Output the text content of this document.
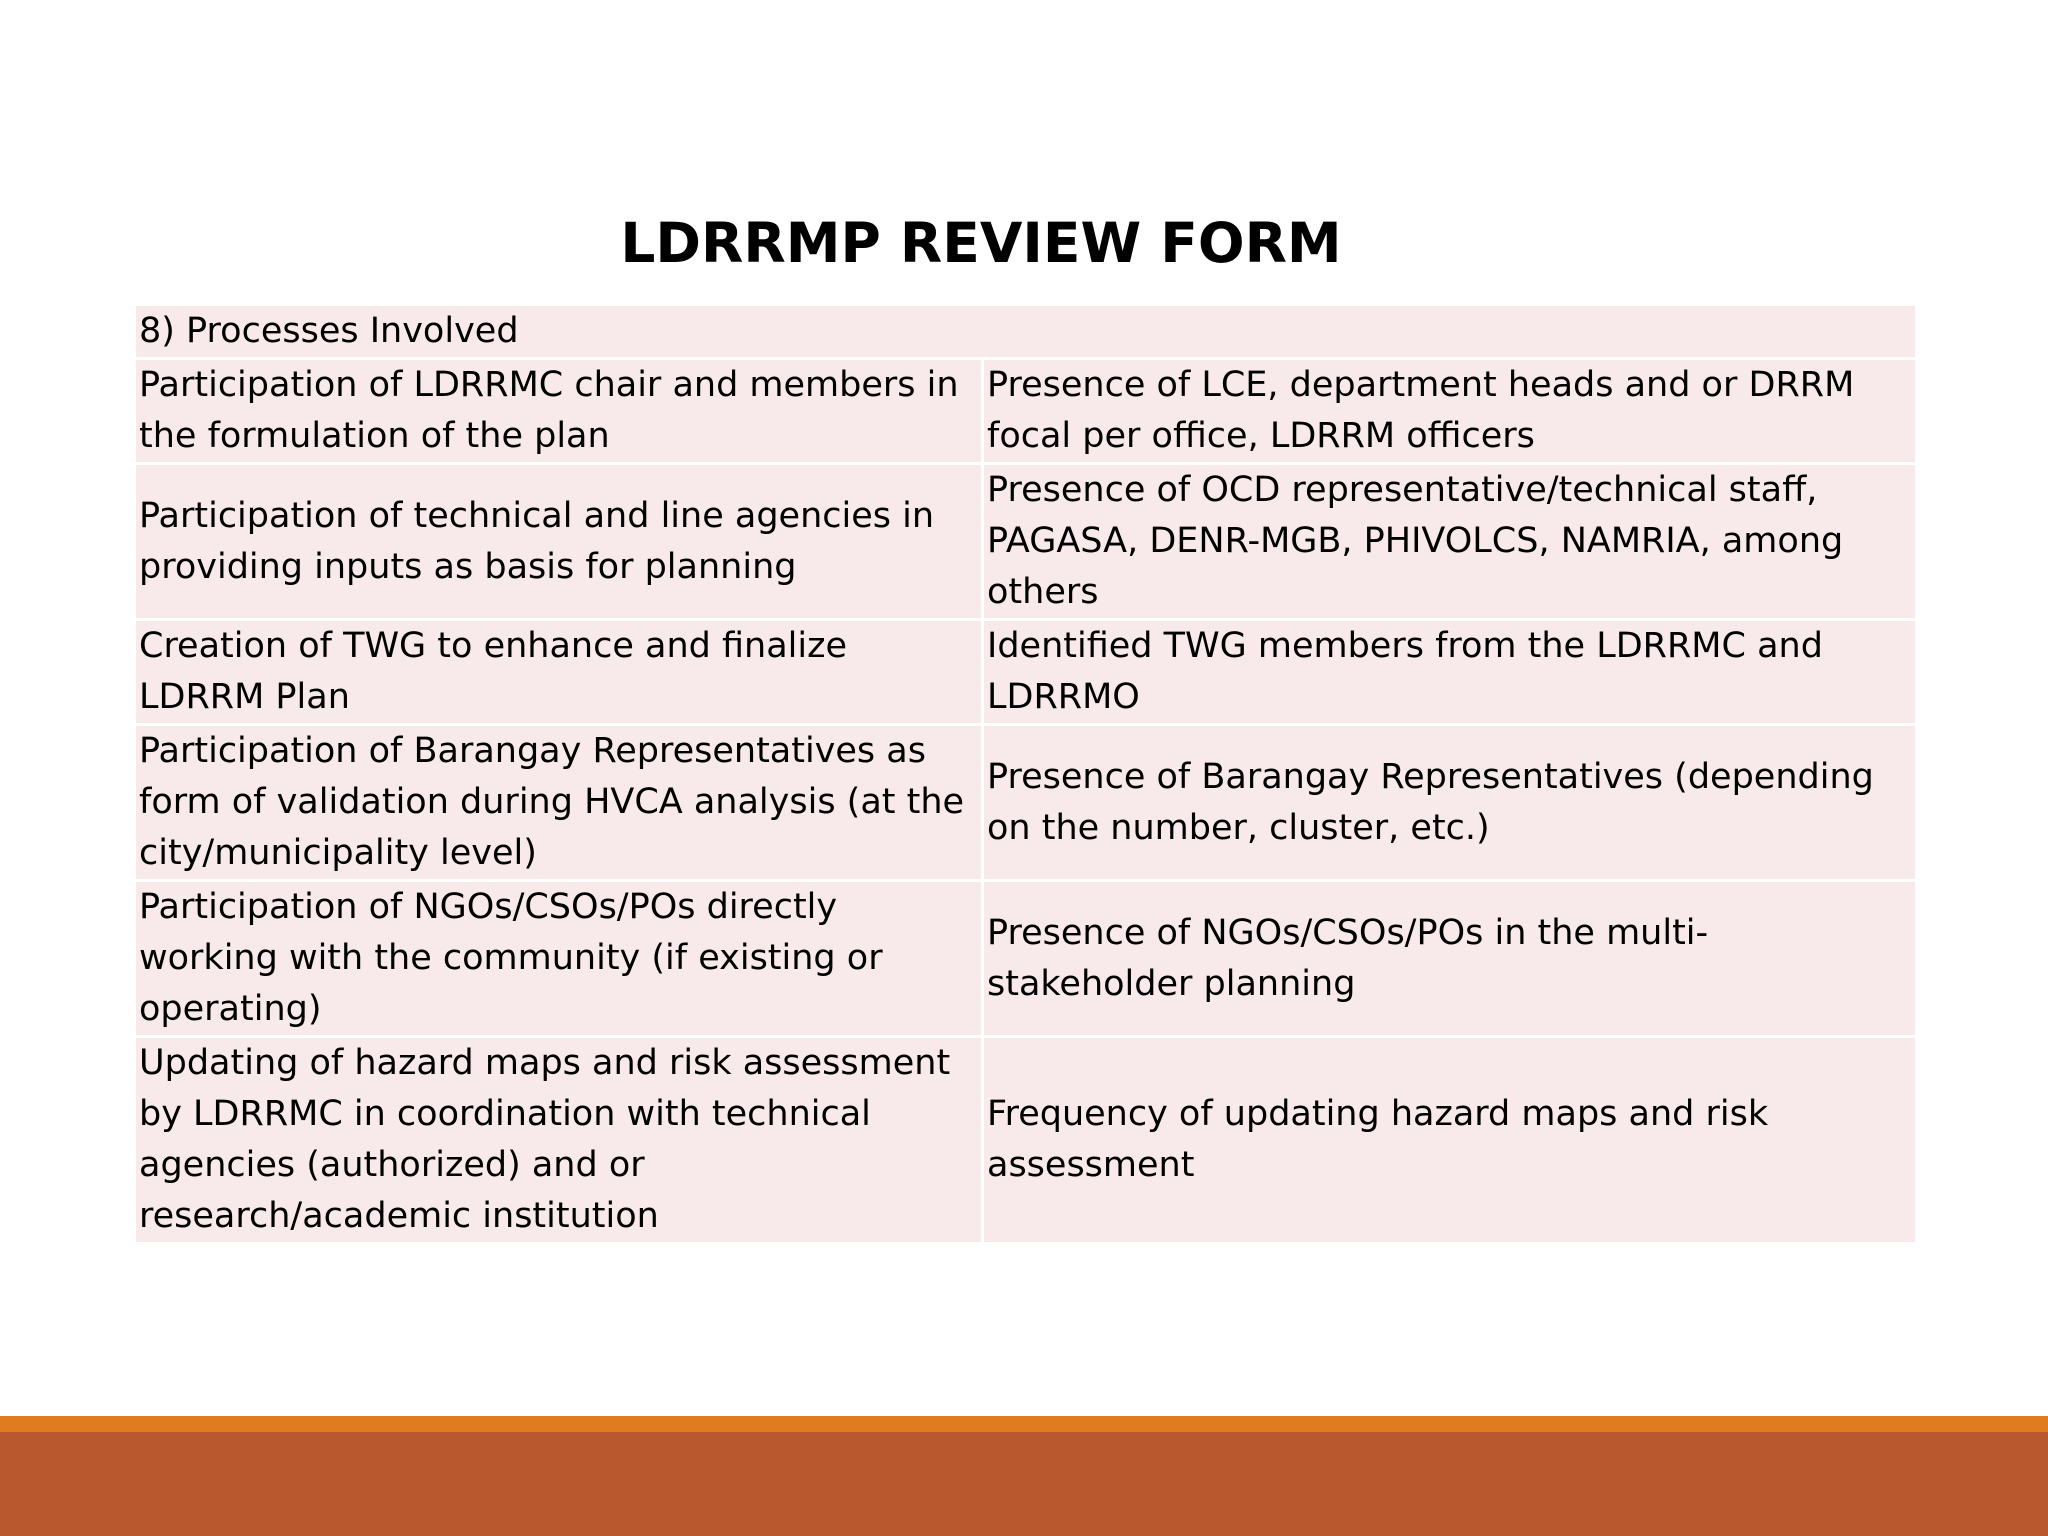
LDRRMP REVIEW FORM
8) Processes Involved	
Participation of LDRRMC chair and members in the formulation of the plan	Presence of LCE, department heads and or DRRM focal per office, LDRRM officers
Participation of technical and line agencies in providing inputs as basis for planning	Presence of OCD representative/technical staff, PAGASA, DENR-MGB, PHIVOLCS, NAMRIA, among others
Creation of TWG to enhance and finalize LDRRM Plan	Identified TWG members from the LDRRMC and LDRRMO
Participation of Barangay Representatives as form of validation during HVCA analysis (at the city/municipality level)	Presence of Barangay Representatives (depending on the number, cluster, etc.)
Participation of NGOs/CSOs/POs directly working with the community (if existing or operating)	Presence of NGOs/CSOs/POs in the multi-stakeholder planning
Updating of hazard maps and risk assessment by LDRRMC in coordination with technical agencies (authorized) and or research/academic institution	Frequency of updating hazard maps and risk assessment
